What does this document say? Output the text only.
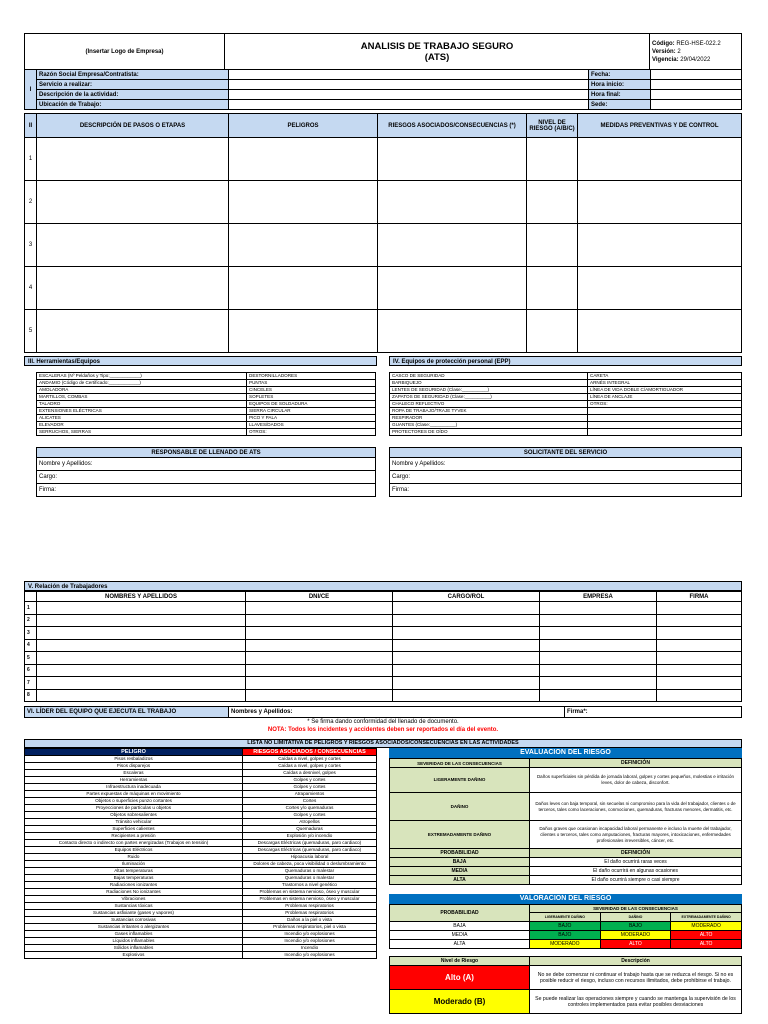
(Insertar Logo de Empresa)	ANALISIS DE TRABAJO SEGURO
(ATS)

Código: REG-HSE-022.2
Versión: 2
Vigencia: 29/04/2022
I	Razón Social Empresa/Contratista:		Fecha:	
	Servicio a realizar:		Hora inicio:	
	Descripción de la actividad:		Hora final:	
	Ubicación de Trabajo:		Sede:	
II	DESCRIPCIÓN DE PASOS O ETAPAS	PELIGROS	RIESGOS ASOCIADOS/CONSECUENCIAS (*)	NIVEL DE RIESGO (A/B/C)	MEDIDAS PREVENTIVAS Y DE CONTROL
1					
2					
3					
4					
5					
III. Herramientas/Equipos
ESCALERAS (Nº Peldaños y Tipo:____________)	DESTORNILLADORES
ANDAMIO (Código de Certificado:____________)	PUNTAS
AMOLADORA	CINCELES
MARTILLOS, COMBAS	SOPLETES
TALADRO	EQUIPOS DE SOLDADURA
EXTENSIONES ELÉCTRICAS	SIERRA CIRCULAR
ALICATES	PICO Y PALA
ELEVADOR	LLAVES/DADOS
SERRUCHOS, SIERRAS	OTROS:
IV. Equipos de protección personal (EPP)
CASCO DE SEGURIDAD	CARETA
BARBIQUEJO	ARNÉS INTEGRAL
LENTES DE SEGURIDAD (Clase:__________)	LÍNEA DE VIDA DOBLE C/AMORTIGUADOR
ZAPATOS DE SEGURIDAD (Clase:__________)	LÍNEA DE ANCLAJE
CHALECO REFLECTIVO	OTROS:
ROPA DE TRABAJO/TRAJE TYVEK	
RESPIRADOR	
GUANTES (Clase:__________)	
PROTECTORES DE OÍDO	
RESPONSABLE DE LLENADO DE ATS
Nombre y Apellidos:
Cargo:
Firma:
SOLICITANTE DEL SERVICIO
Nombre y Apellidos:
Cargo:
Firma:
V. Relación de Trabajadores
	NOMBRES Y APELLIDOS	DNI/CE	CARGO/ROL	EMPRESA	FIRMA
1					
2					
3					
4					
5					
6					
7					
8					
VI. LÍDER DEL EQUIPO QUE EJECUTA EL TRABAJO	Nombres y Apellidos:	Firma*:
* Se firma dando conformidad del llenado de documento.
NOTA: Todos los incidentes y accidentes deben ser reportados el día del evento.
LISTA NO LIMITATIVA DE PELIGROS Y RIESGOS ASOCIADOS/CONSECUENCIAS EN LAS ACTIVIDADES
PELIGRO	RIESGOS ASOCIADOS / CONSECUENCIAS
Pisos resbaladizos	Caídas a nivel, golpes y cortes
Pisos disparejos	Caídas a nivel, golpes y cortes
Escaleras	Caídas a desnivel, golpes
Herramientas	Golpes y cortes
Infraestructura inadecuada	Golpes y cortes
Partes expuestas de máquinas en movimiento	Atrapamientos
Objetos o superficies punzo cortantes	Cortes
Proyecciones de partículas u objetos	Cortes y/o quemaduras
Objetos sobresalientes	Golpes y cortes
Tránsito vehicular	Atropellos
Superficies calientes	Quemaduras
Recipientes a presión	Explosión y/o incendio
Contacto directo o indirecto con partes energizadas (Trabajos en tensión)	Descargas Eléctricas (quemaduras, paro cardiaco)
Equipos Eléctricos	Descargas Eléctricas (quemaduras, paro cardiaco)
Ruido	Hipoacusia laboral
Iluminación	Dolores de cabeza, poca visibilidad o deslumbramiento
Altas temperaturas	Quemaduras o malestar
Bajas temperaturas	Quemaduras o malestar
Radiaciones ionizantes	Trastornos a nivel genético
Radiaciones No ionizantes	Problemas en sistema nervioso, óseo y muscular
Vibraciones	Problemas en sistema nervioso, óseo y muscular
Sustancias tóxicas	Problemas respiratorios
Sustancias asfixiante (gases y vapores)	Problemas respiratorios
Sustancias corrosivas	Daños a la piel o vista
Sustancias irritantes o alergizantes	Problemas respiratorios, piel o vista
Gases inflamables	Incendio y/o explosiones
Líquidos inflamables	Incendio y/o explosiones
Sólidos inflamables	Incendio
Explosivos	Incendio y/o explosiones
EVALUACION DEL RIESGO
SEVERIDAD DE LAS CONSECUENCIAS	DEFINICIÓN
LIGERAMENTE DAÑINO	Daños superficiales sin pérdida de jornada laboral, golpes y cortes pequeños, molestias e irritación leves, dolor de cabeza, disconfort.
DAÑINO	Daños leves con baja temporal, sin secuelas ni compromiso para la vida del trabajador, clientes o de terceros, tales como laceraciones, conmociones, quemaduras, fracturas menores, dermatitis, etc.
EXTREMADAMENTE DAÑINO	Daños graves que ocasionan incapacidad laboral permanente e incluso la muerte del trabajador, clientes o terceros, tales como amputaciones, fracturas mayores, intoxicaciones, enfermedades profesionales irreversibles, cáncer, etc.
PROBABILIDAD	DEFINICIÓN
BAJA	El daño ocurrirá raras veces
MEDIA	El daño ocurrirá en algunas ocasiones
ALTA	El daño ocurrirá siempre o casi siempre
VALORACION DEL RIESGO
PROBABILIDAD	SEVERIDAD DE LAS CONSECUENCIAS		
	LIGERAMENTE DAÑINO	DAÑINO	EXTREMADAMENTE DAÑINO
BAJA	BAJO	BAJO	MODERADO
MEDIA	BAJO	MODERADO	ALTO
ALTA	MODERADO	ALTO	ALTO
Nivel de Riesgo	Descripción
Alto (A)	No se debe comenzar ni continuar el trabajo hasta que se reduzca el riesgo. Si no es posible reducir el riesgo, incluso con recursos ilimitados, debe prohibirse el trabajo.
Moderado (B)	Se puede realizar las operaciones siempre y cuando se mantenga la supervisión de los controles implementados para evitar posibles desviaciones
